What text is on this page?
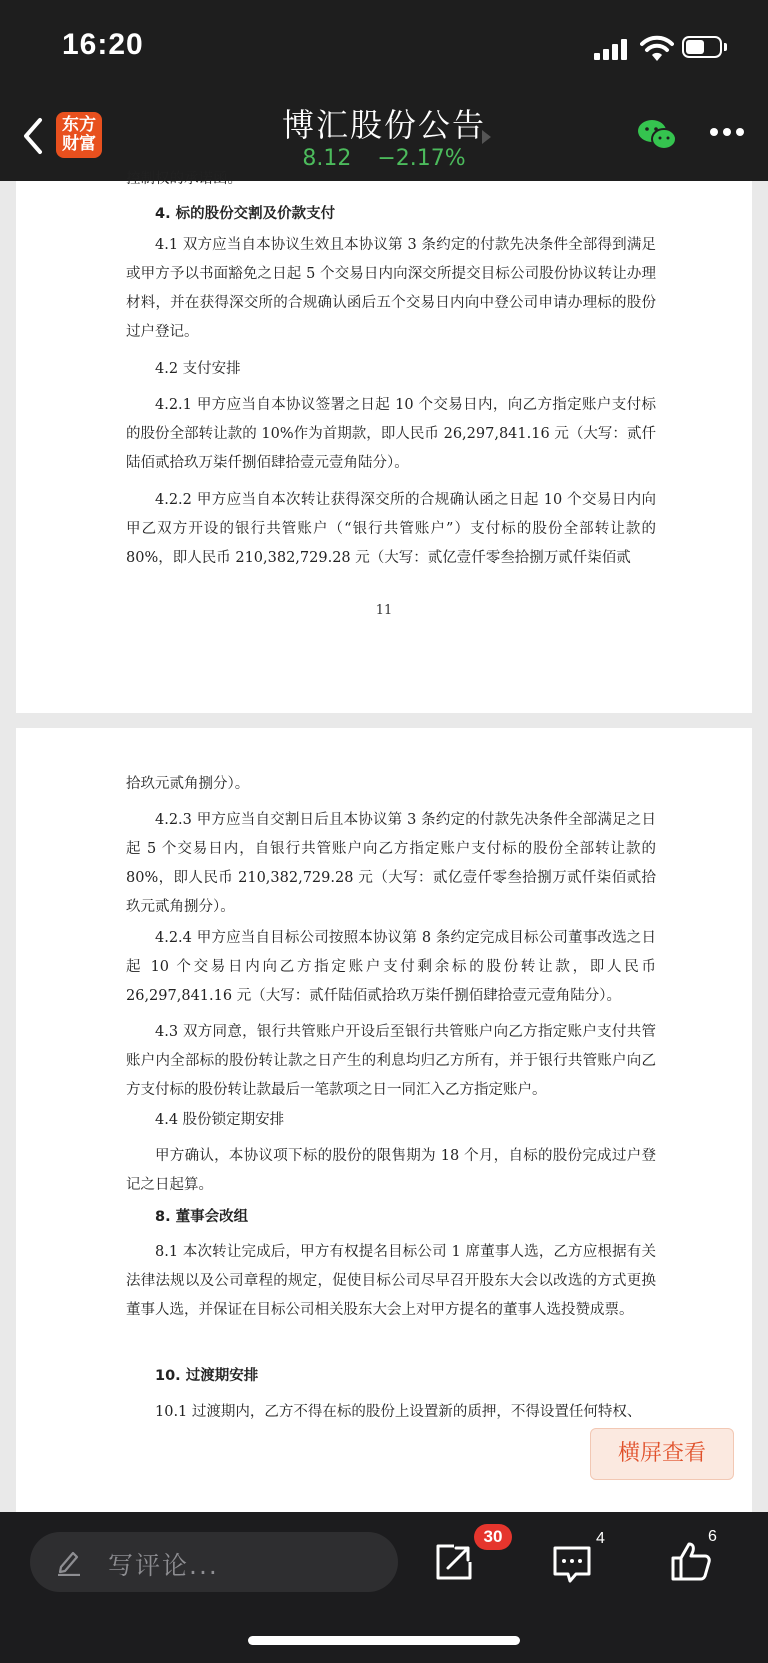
16:20
东方
财富	博汇股份公告
8.12 −2.17%
控制权的承诺函。
4. 标的股份交割及价款支付
4.1 双方应当自本协议生效且本协议第 3 条约定的付款先决条件全部得到满足或甲方予以书面豁免之日起 5 个交易日内向深交所提交目标公司股份协议转让办理材料，并在获得深交所的合规确认函后五个交易日内向中登公司申请办理标的股份过户登记。
4.2 支付安排
4.2.1 甲方应当自本协议签署之日起 10 个交易日内，向乙方指定账户支付标的股份全部转让款的 10%作为首期款，即人民币 26,297,841.16 元（大写：贰仟陆佰贰拾玖万柒仟捌佰肆拾壹元壹角陆分）。
4.2.2 甲方应当自本次转让获得深交所的合规确认函之日起 10 个交易日内向甲乙双方开设的银行共管账户（“银行共管账户”）支付标的股份全部转让款的 80%，即人民币 210,382,729.28 元（大写：贰亿壹仟零叁拾捌万贰仟柒佰贰
11
拾玖元贰角捌分）。
4.2.3 甲方应当自交割日后且本协议第 3 条约定的付款先决条件全部满足之日起 5 个交易日内，自银行共管账户向乙方指定账户支付标的股份全部转让款的 80%，即人民币 210,382,729.28 元（大写：贰亿壹仟零叁拾捌万贰仟柒佰贰拾玖元贰角捌分）。
4.2.4 甲方应当自目标公司按照本协议第 8 条约定完成目标公司董事改选之日起 10 个交易日内向乙方指定账户支付剩余标的股份转让款，即人民币 26,297,841.16 元（大写：贰仟陆佰贰拾玖万柒仟捌佰肆拾壹元壹角陆分）。
4.3 双方同意，银行共管账户开设后至银行共管账户向乙方指定账户支付共管账户内全部标的股份转让款之日产生的利息均归乙方所有，并于银行共管账户向乙方支付标的股份转让款最后一笔款项之日一同汇入乙方指定账户。
4.4 股份锁定期安排
甲方确认，本协议项下标的股份的限售期为 18 个月，自标的股份完成过户登记之日起算。
8. 董事会改组
8.1 本次转让完成后，甲方有权提名目标公司 1 席董事人选，乙方应根据有关法律法规以及公司章程的规定，促使目标公司尽早召开股东大会以改选的方式更换董事人选，并保证在目标公司相关股东大会上对甲方提名的董事人选投赞成票。
10. 过渡期安排
10.1 过渡期内，乙方不得在标的股份上设置新的质押，不得设置任何特权、
横屏查看
写评论...
30	4	6
